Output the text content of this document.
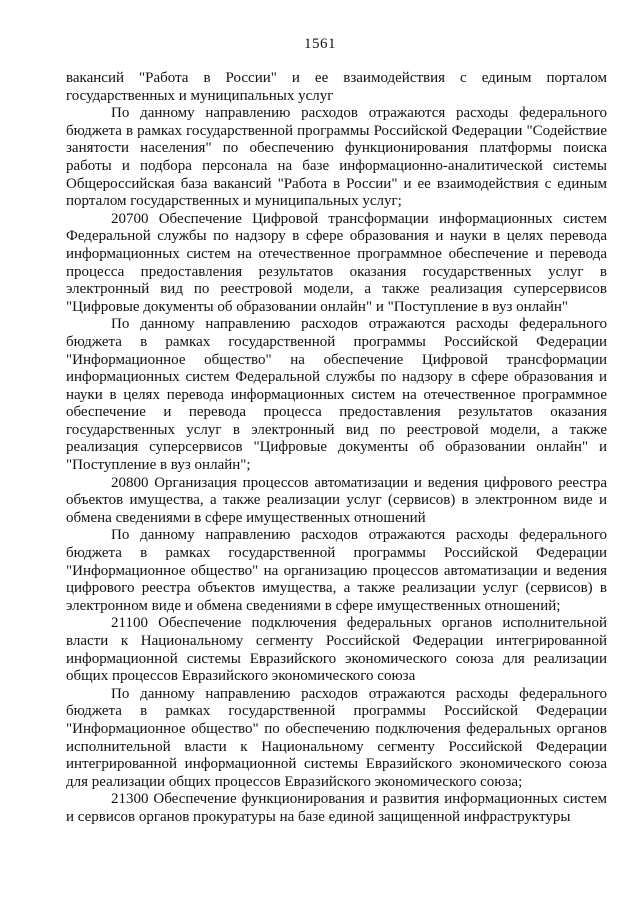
1561

вакансий "Работа в России" и ее взаимодействия с единым порталом государственных и муниципальных услуг

По данному направлению расходов отражаются расходы федерального бюджета в рамках государственной программы Российской Федерации "Содействие занятости населения" по обеспечению функционирования платформы поиска работы и подбора персонала на базе информационно-аналитической системы Общероссийская база вакансий "Работа в России" и ее взаимодействия с единым порталом государственных и муниципальных услуг;

20700 Обеспечение Цифровой трансформации информационных систем Федеральной службы по надзору в сфере образования и науки в целях перевода информационных систем на отечественное программное обеспечение и перевода процесса предоставления результатов оказания государственных услуг в электронный вид по реестровой модели, а также реализация суперсервисов "Цифровые документы об образовании онлайн" и "Поступление в вуз онлайн"

По данному направлению расходов отражаются расходы федерального бюджета в рамках государственной программы Российской Федерации "Информационное общество" на обеспечение Цифровой трансформации информационных систем Федеральной службы по надзору в сфере образования и науки в целях перевода информационных систем на отечественное программное обеспечение и перевода процесса предоставления результатов оказания государственных услуг в электронный вид по реестровой модели, а также реализация суперсервисов "Цифровые документы об образовании онлайн" и "Поступление в вуз онлайн";

20800 Организация процессов автоматизации и ведения цифрового реестра объектов имущества, а также реализации услуг (сервисов) в электронном виде и обмена сведениями в сфере имущественных отношений

По данному направлению расходов отражаются расходы федерального бюджета в рамках государственной программы Российской Федерации "Информационное общество" на организацию процессов автоматизации и ведения цифрового реестра объектов имущества, а также реализации услуг (сервисов) в электронном виде и обмена сведениями в сфере имущественных отношений;

21100 Обеспечение подключения федеральных органов исполнительной власти к Национальному сегменту Российской Федерации интегрированной информационной системы Евразийского экономического союза для реализации общих процессов Евразийского экономического союза

По данному направлению расходов отражаются расходы федерального бюджета в рамках государственной программы Российской Федерации "Информационное общество" по обеспечению подключения федеральных органов исполнительной власти к Национальному сегменту Российской Федерации интегрированной информационной системы Евразийского экономического союза для реализации общих процессов Евразийского экономического союза;

21300 Обеспечение функционирования и развития информационных систем и сервисов органов прокуратуры на базе единой защищенной инфраструктуры
